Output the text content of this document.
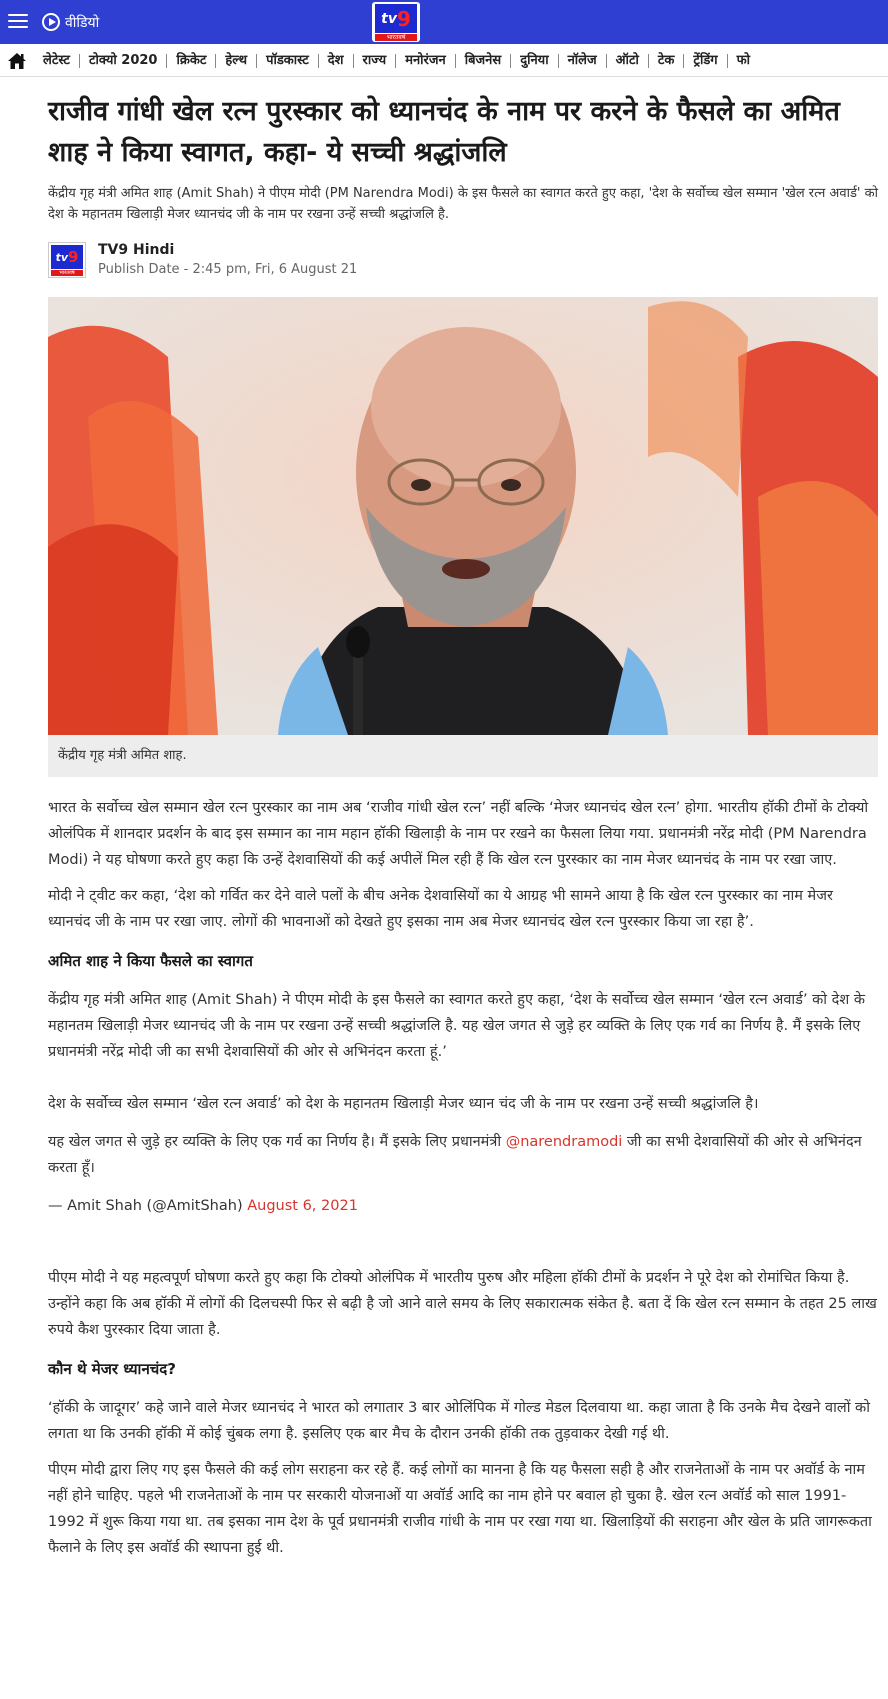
वीडियो	tv 9
भारतवर्ष
लेटेस्ट	टोक्यो 2020	क्रिकेट	हेल्थ	पॉडकास्ट	देश	राज्य	मनोरंजन	बिजनेस	दुनिया	नॉलेज	ऑटो	टेक	ट्रेंडिंग	फो
राजीव गांधी खेल रत्न पुरस्कार को ध्यानचंद के नाम पर करने के फैसले का अमित शाह ने किया स्वागत, कहा- ये सच्ची श्रद्धांजलि

केंद्रीय गृह मंत्री अमित शाह (Amit Shah) ने पीएम मोदी (PM Narendra Modi) के इस फैसले का स्वागत करते हुए कहा, 'देश के सर्वोच्च खेल सम्मान 'खेल रत्न अवार्ड' को देश के महानतम खिलाड़ी मेजर ध्यानचंद जी के नाम पर रखना उन्हें सच्ची श्रद्धांजलि है.

tv 9
भारतवर्ष
TV9 Hindi
Publish Date - 2:45 pm, Fri, 6 August 21
केंद्रीय गृह मंत्री अमित शाह.

भारत के सर्वोच्च खेल सम्मान खेल रत्न पुरस्कार का नाम अब ‘राजीव गांधी खेल रत्न’ नहीं बल्कि ‘मेजर ध्यानचंद खेल रत्न’ होगा. भारतीय हॉकी टीमों के टोक्यो ओलंपिक में शानदार प्रदर्शन के बाद इस सम्मान का नाम महान हॉकी खिलाड़ी के नाम पर रखने का फैसला लिया गया. प्रधानमंत्री नरेंद्र मोदी (PM Narendra Modi) ने यह घोषणा करते हुए कहा कि उन्हें देशवासियों की कई अपीलें मिल रही हैं कि खेल रत्न पुरस्कार का नाम मेजर ध्यानचंद के नाम पर रखा जाए.

मोदी ने ट्वीट कर कहा, ‘देश को गर्वित कर देने वाले पलों के बीच अनेक देशवासियों का ये आग्रह भी सामने आया है कि खेल रत्न पुरस्कार का नाम मेजर ध्यानचंद जी के नाम पर रखा जाए. लोगों की भावनाओं को देखते हुए इसका नाम अब मेजर ध्यानचंद खेल रत्न पुरस्कार किया जा रहा है’.

अमित शाह ने किया फैसले का स्वागत

केंद्रीय गृह मंत्री अमित शाह (Amit Shah) ने पीएम मोदी के इस फैसले का स्वागत करते हुए कहा, ‘देश के सर्वोच्च खेल सम्मान ‘खेल रत्न अवार्ड’ को देश के महानतम खिलाड़ी मेजर ध्यानचंद जी के नाम पर रखना उन्हें सच्ची श्रद्धांजलि है. यह खेल जगत से जुड़े हर व्यक्ति के लिए एक गर्व का निर्णय है. मैं इसके लिए प्रधानमंत्री नरेंद्र मोदी जी का सभी देशवासियों की ओर से अभिनंदन करता हूं.’

देश के सर्वोच्च खेल सम्मान ‘खेल रत्न अवार्ड’ को देश के महानतम खिलाड़ी मेजर ध्यान चंद जी के नाम पर रखना उन्हें सच्ची श्रद्धांजलि है।

यह खेल जगत से जुड़े हर व्यक्ति के लिए एक गर्व का निर्णय है। मैं इसके लिए प्रधानमंत्री @narendramodi जी का सभी देशवासियों की ओर से अभिनंदन करता हूँ।

— Amit Shah (@AmitShah) August 6, 2021

पीएम मोदी ने यह महत्वपूर्ण घोषणा करते हुए कहा कि टोक्यो ओलंपिक में भारतीय पुरुष और महिला हॉकी टीमों के प्रदर्शन ने पूरे देश को रोमांचित किया है. उन्होंने कहा कि अब हॉकी में लोगों की दिलचस्पी फिर से बढ़ी है जो आने वाले समय के लिए सकारात्मक संकेत है. बता दें कि खेल रत्न सम्मान के तहत 25 लाख रुपये कैश पुरस्कार दिया जाता है.

कौन थे मेजर ध्यानचंद?

‘हॉकी के जादूगर’ कहे जाने वाले मेजर ध्यानचंद ने भारत को लगातार 3 बार ओलिंपिक में गोल्ड मेडल दिलवाया था. कहा जाता है कि उनके मैच देखने वालों को लगता था कि उनकी हॉकी में कोई चुंबक लगा है. इसलिए एक बार मैच के दौरान उनकी हॉकी तक तुड़वाकर देखी गई थी.

पीएम मोदी द्वारा लिए गए इस फैसले की कई लोग सराहना कर रहे हैं. कई लोगों का मानना है कि यह फैसला सही है और राजनेताओं के नाम पर अवॉर्ड के नाम नहीं होने चाहिए. पहले भी राजनेताओं के नाम पर सरकारी योजनाओं या अवॉर्ड आदि का नाम होने पर बवाल हो चुका है. खेल रत्न अवॉर्ड को साल 1991-1992 में शुरू किया गया था. तब इसका नाम देश के पूर्व प्रधानमंत्री राजीव गांधी के नाम पर रखा गया था. खिलाड़ियों की सराहना और खेल के प्रति जागरूकता फैलाने के लिए इस अवॉर्ड की स्थापना हुई थी.
